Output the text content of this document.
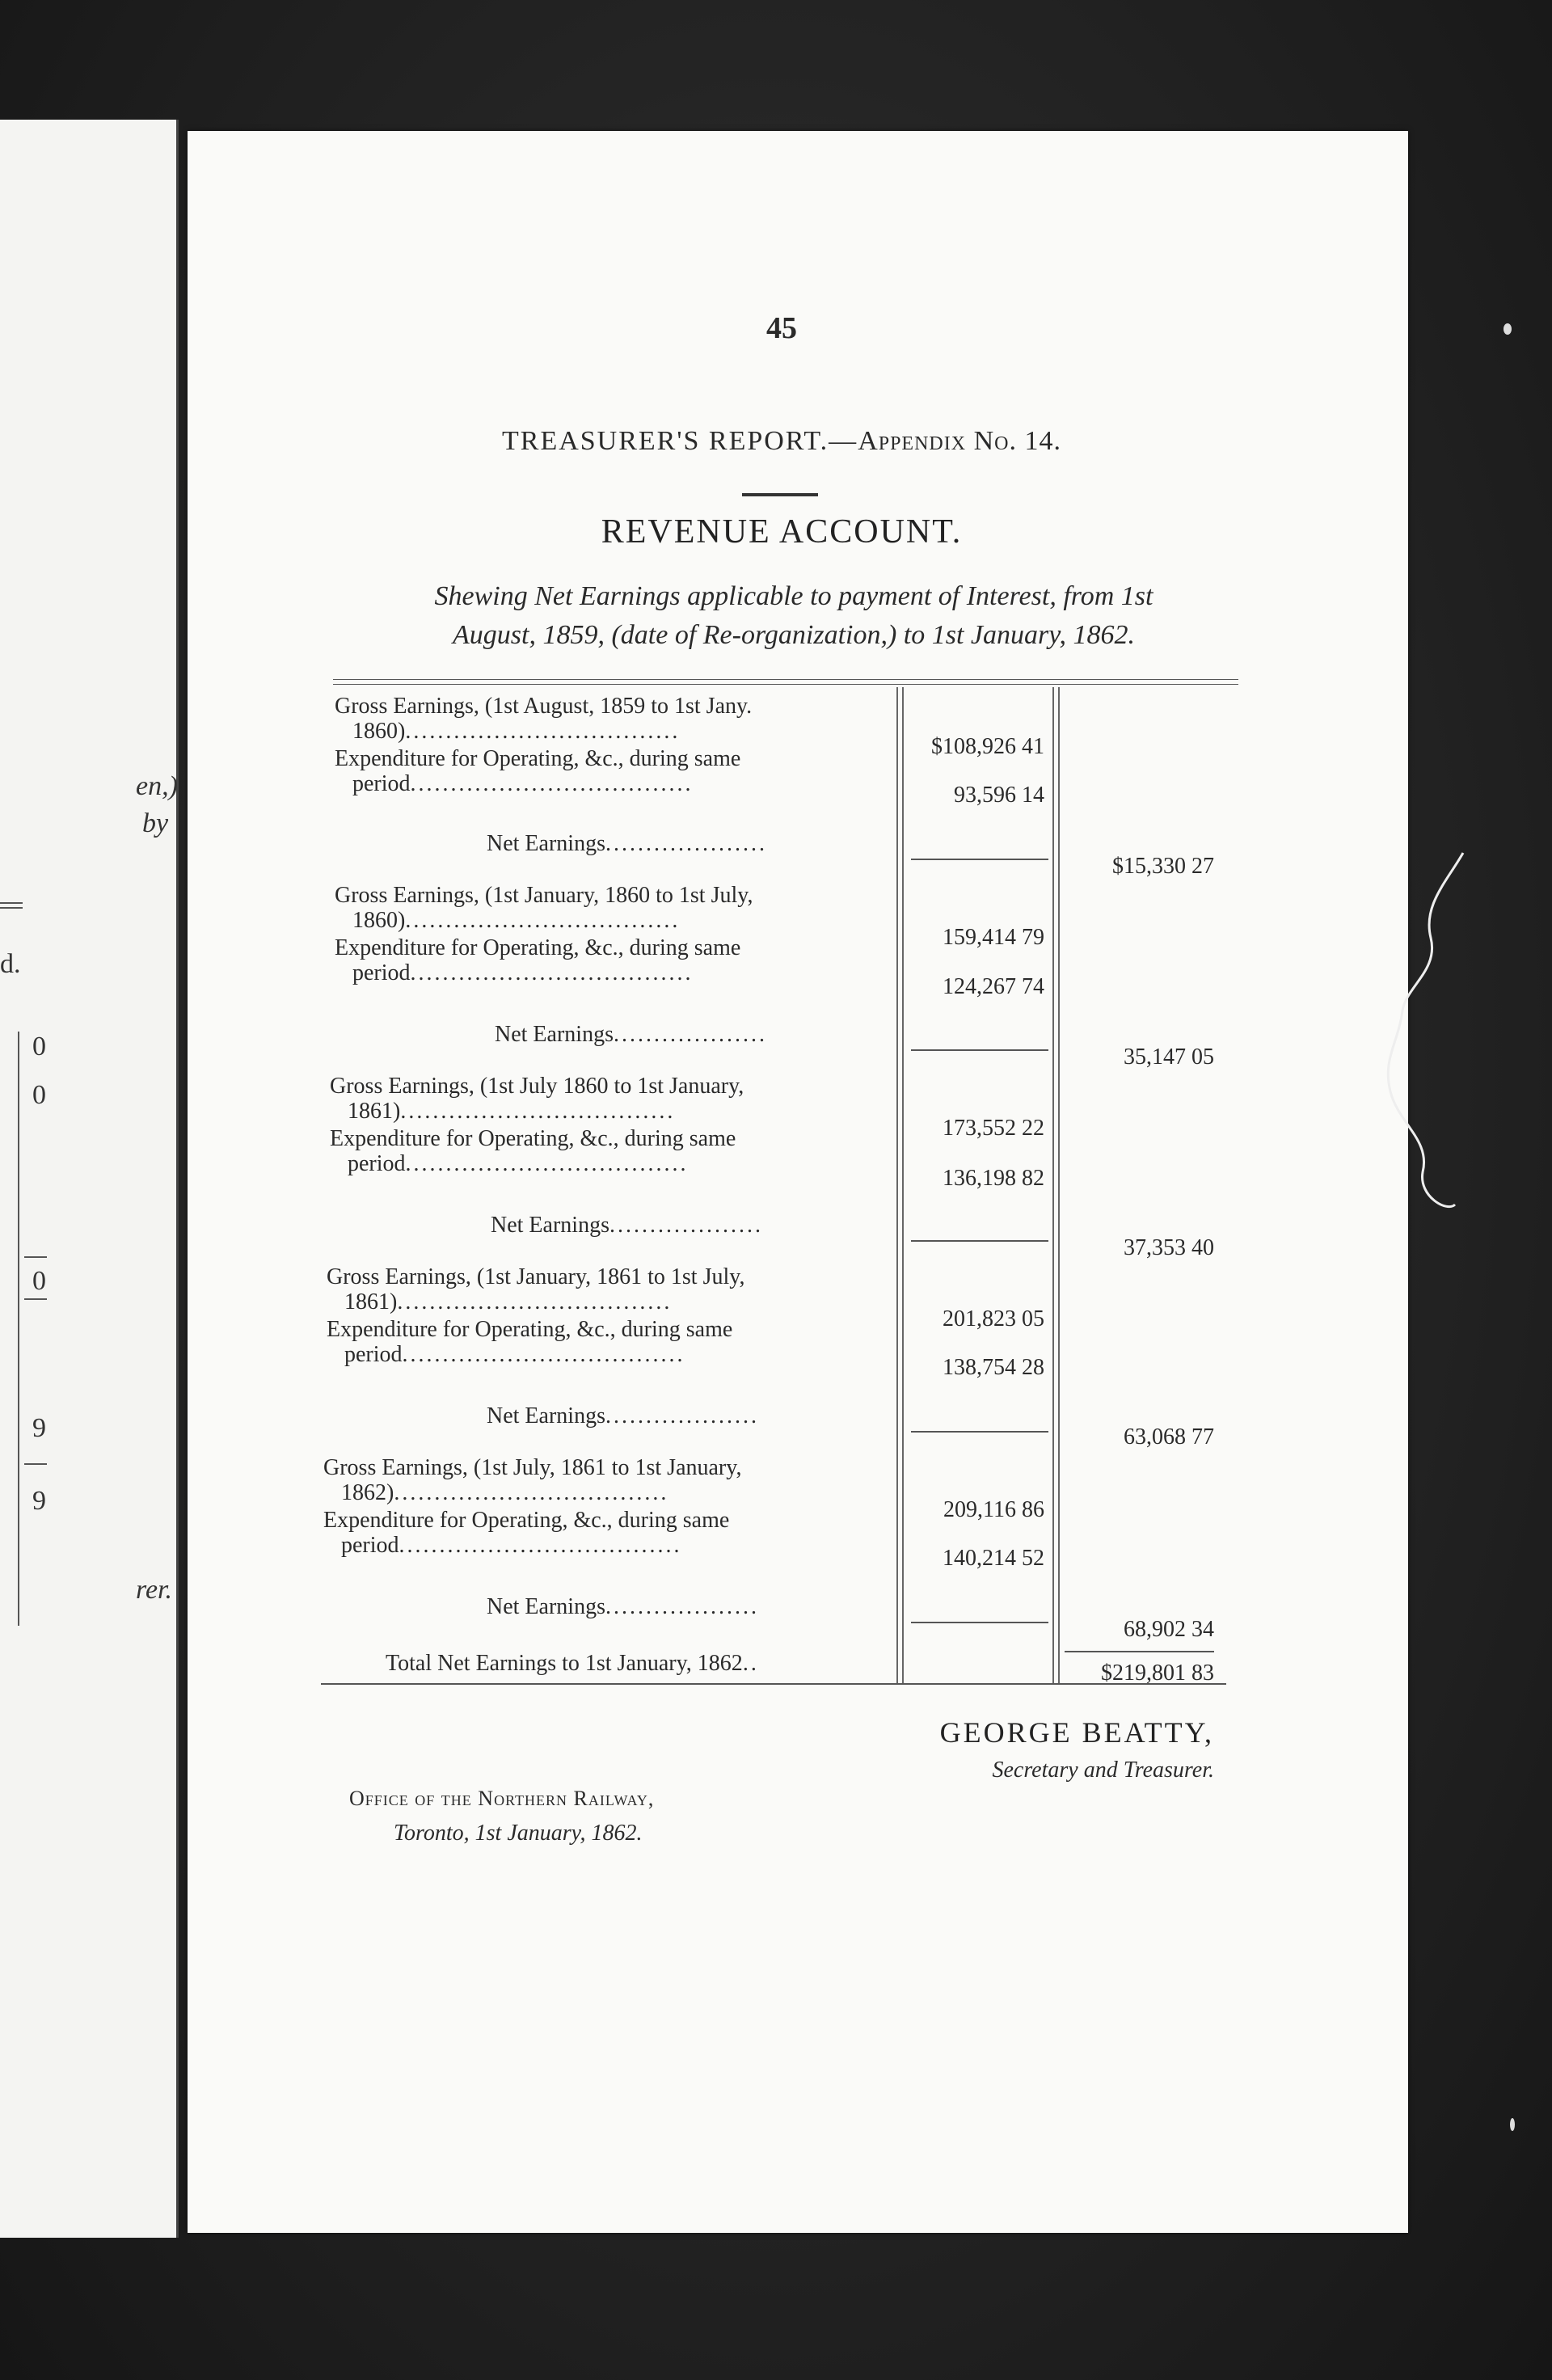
en,)
by
d.
0
0
0
9
9
rer.
45
TREASURER'S REPORT.—Appendix No. 14.
REVENUE ACCOUNT.
Shewing Net Earnings applicable to payment of Interest, from 1st
August, 1859, (date of Re-organization,) to 1st January, 1862.
Gross Earnings, (1st August, 1859 to 1st Jany.
1860)..................................
$108,926 41
Expenditure for Operating, &c., during same
period...................................	93,596 14
Net Earnings....................
$15,330 27
Gross Earnings, (1st January, 1860 to 1st July,
1860)..................................
159,414 79
Expenditure for Operating, &c., during same
period...................................
124,267 74
Net Earnings...................
35,147 05
Gross Earnings, (1st July 1860 to 1st January,
1861)..................................
173,552 22
Expenditure for Operating, &c., during same
period...................................
136,198 82
Net Earnings...................
37,353 40
Gross Earnings, (1st January, 1861 to 1st July,
1861)..................................
201,823 05
Expenditure for Operating, &c., during same
period...................................
138,754 28
Net Earnings...................
63,068 77
Gross Earnings, (1st July, 1861 to 1st January,
1862)..................................
209,116 86
Expenditure for Operating, &c., during same
period...................................
140,214 52
Net Earnings...................
68,902 34
Total Net Earnings to 1st January, 1862..	$219,801 83
GEORGE BEATTY,
Secretary and Treasurer.
Office of the Northern Railway,
Toronto, 1st January, 1862.
